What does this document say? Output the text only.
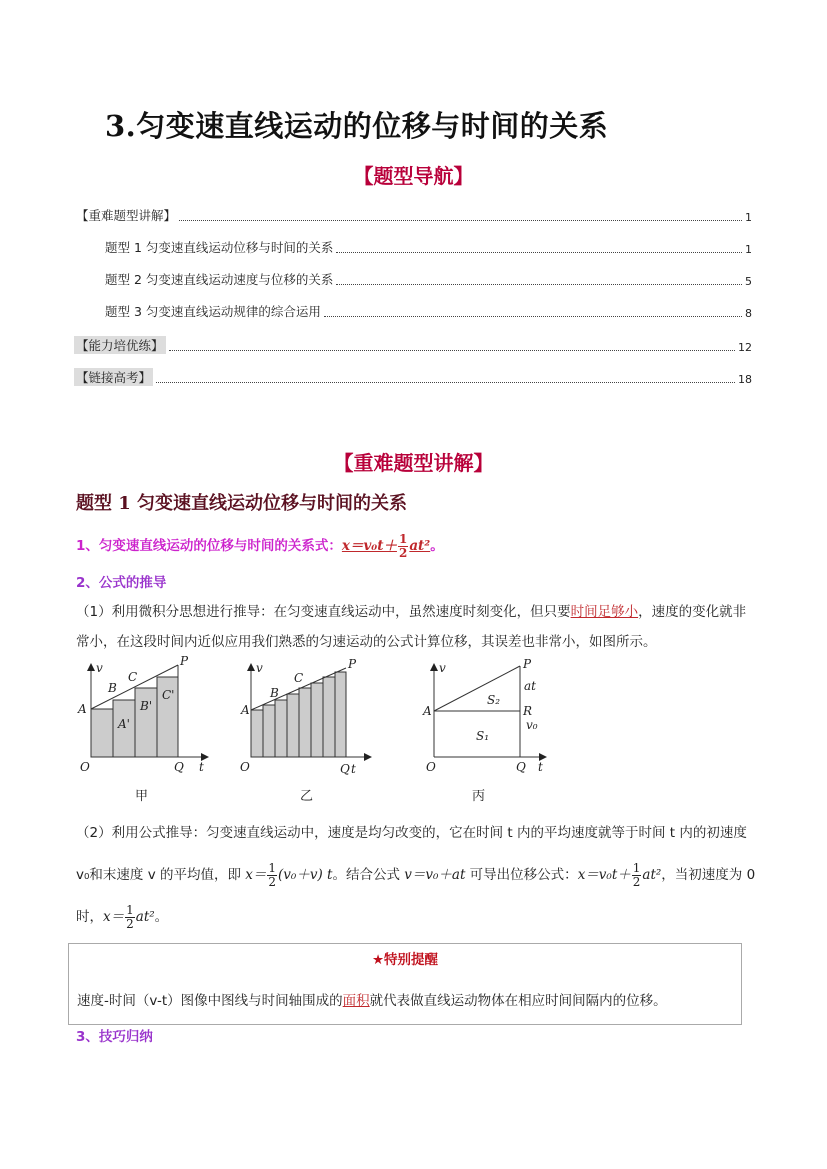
3.匀变速直线运动的位移与时间的关系
【题型导航】
【重难题型讲解】	1
题型 1 匀变速直线运动位移与时间的关系	1
题型 2 匀变速直线运动速度与位移的关系	5
题型 3 匀变速直线运动规律的综合运用	8
【能力培优练】	12
【链接高考】	18
【重难题型讲解】
题型 1 匀变速直线运动位移与时间的关系
1、匀变速直线运动的位移与时间的关系式：$x=v_0t+ \frac{1}{2} at^2$。
2、公式的推导
（1）利用微积分思想进行推导：在匀变速直线运动中，虽然速度时刻变化，但只要时间足够小，速度的变化就非常小，在这段时间内近似应用我们熟悉的匀速运动的公式计算位移，其误差也非常小，如图所示。
v	P
B
C
A	B'
C'
A'
O	Q t
甲
v	P
C
B
A
O	Q t
乙
v	P
at
S₂
A	R
v₀
S₁
O	Q t
丙
（2）利用公式推导：匀变速直线运动中，速度是均匀改变的，它在时间 t 内的平均速度就等于时间 t 内的初速度 v₀和末速度 v 的平均值，即 $x= \frac{1}{2} (v_0+v)$ t。结合公式 v＝v₀＋at 可导出位移公式：$x=v_0t+ \frac{1}{2} at^2$，当初速度为 0 时，$x= \frac{1}{2} at^2$。
★特别提醒
速度-时间（v-t）图像中图线与时间轴围成的面积就代表做直线运动物体在相应时间间隔内的位移。
3、技巧归纳
